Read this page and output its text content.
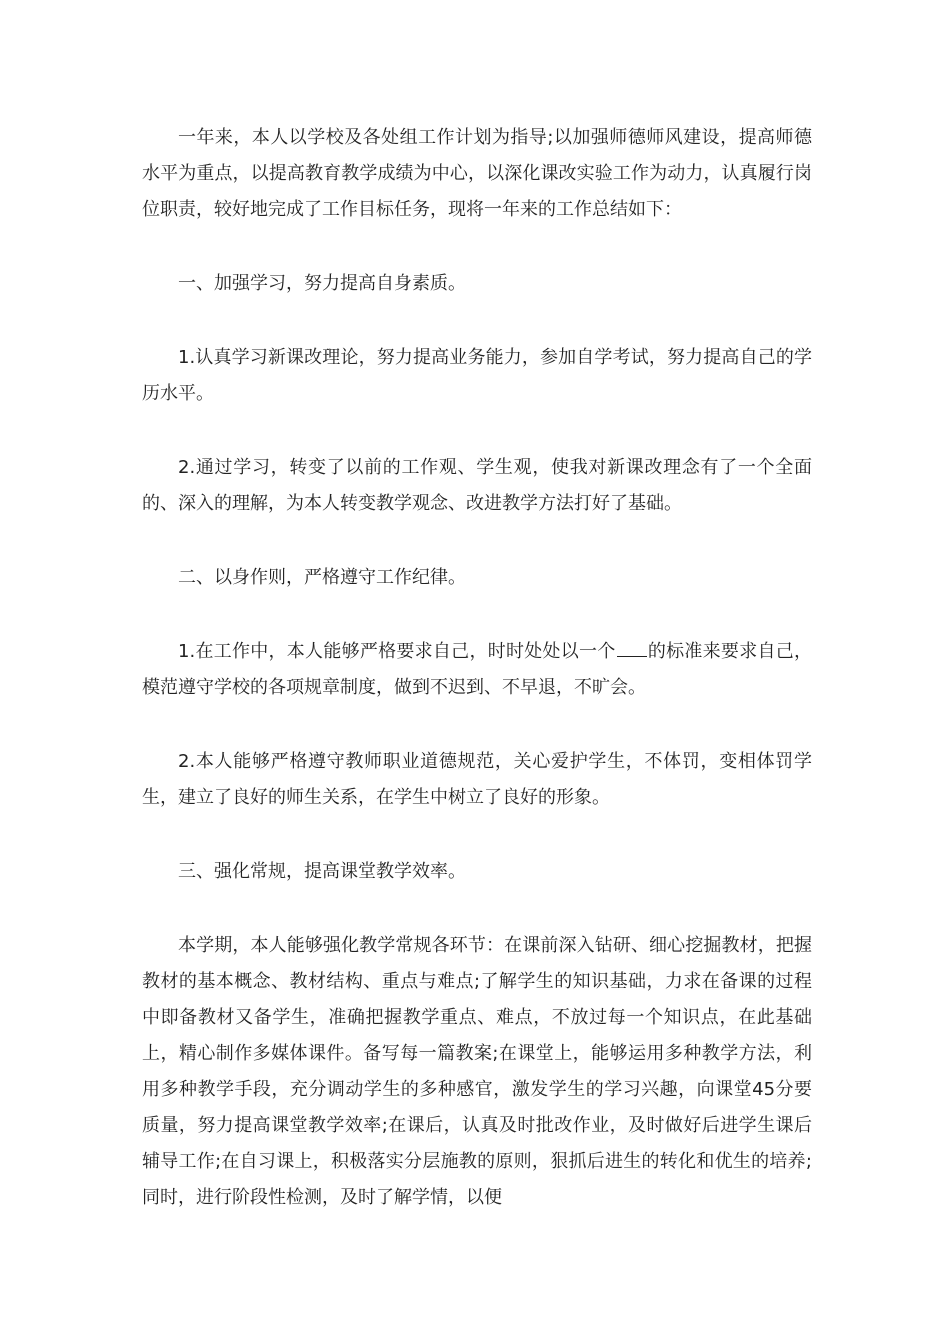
一年来，本人以学校及各处组工作计划为指导;以加强师德师风建设，提高师德水平为重点，以提高教育教学成绩为中心，以深化课改实验工作为动力，认真履行岗位职责，较好地完成了工作目标任务，现将一年来的工作总结如下：

一、加强学习，努力提高自身素质。

1.认真学习新课改理论，努力提高业务能力，参加自学考试，努力提高自己的学历水平。

2.通过学习，转变了以前的工作观、学生观，使我对新课改理念有了一个全面的、深入的理解，为本人转变教学观念、改进教学方法打好了基础。

二、以身作则，严格遵守工作纪律。

1.在工作中，本人能够严格要求自己，时时处处以一个 的标准来要求自己，模范遵守学校的各项规章制度，做到不迟到、不早退，不旷会。

2.本人能够严格遵守教师职业道德规范，关心爱护学生，不体罚，变相体罚学生，建立了良好的师生关系，在学生中树立了良好的形象。

三、强化常规，提高课堂教学效率。

本学期，本人能够强化教学常规各环节：在课前深入钻研、细心挖掘教材，把握教材的基本概念、教材结构、重点与难点;了解学生的知识基础，力求在备课的过程中即备教材又备学生，准确把握教学重点、难点，不放过每一个知识点，在此基础上，精心制作多媒体课件。备写每一篇教案;在课堂上，能够运用多种教学方法，利用多种教学手段，充分调动学生的多种感官，激发学生的学习兴趣，向课堂45分要质量，努力提高课堂教学效率;在课后，认真及时批改作业，及时做好后进学生课后辅导工作;在自习课上，积极落实分层施教的原则，狠抓后进生的转化和优生的培养;同时，进行阶段性检测，及时了解学情，以便
